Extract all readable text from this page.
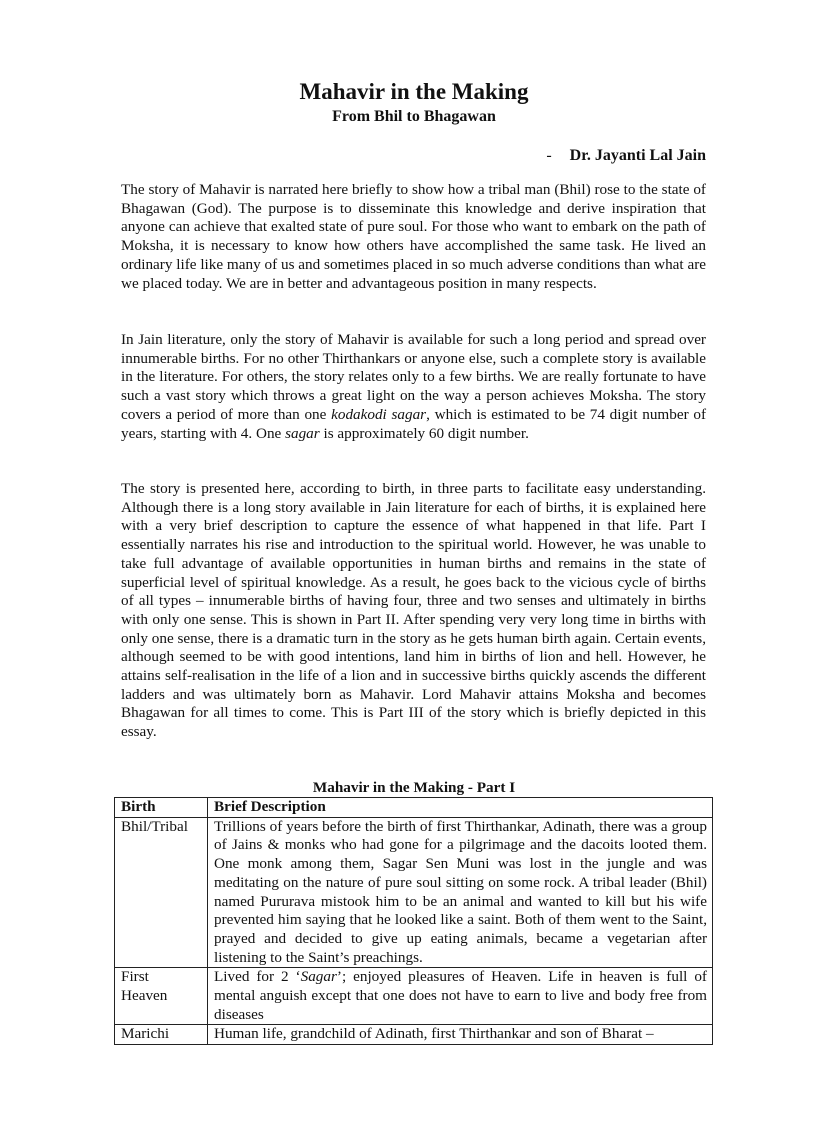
Mahavir in the Making
From Bhil to Bhagawan
- Dr. Jayanti Lal Jain

The story of Mahavir is narrated here briefly to show how a tribal man (Bhil) rose to the state of Bhagawan (God). The purpose is to disseminate this knowledge and derive inspiration that anyone can achieve that exalted state of pure soul. For those who want to embark on the path of Moksha, it is necessary to know how others have accomplished the same task. He lived an ordinary life like many of us and sometimes placed in so much adverse conditions than what are we placed today. We are in better and advantageous position in many respects.

In Jain literature, only the story of Mahavir is available for such a long period and spread over innumerable births. For no other Thirthankars or anyone else, such a complete story is available in the literature. For others, the story relates only to a few births. We are really fortunate to have such a vast story which throws a great light on the way a person achieves Moksha. The story covers a period of more than one kodakodi sagar, which is estimated to be 74 digit number of years, starting with 4. One sagar is approximately 60 digit number.

The story is presented here, according to birth, in three parts to facilitate easy understanding. Although there is a long story available in Jain literature for each of births, it is explained here with a very brief description to capture the essence of what happened in that life. Part I essentially narrates his rise and introduction to the spiritual world. However, he was unable to take full advantage of available opportunities in human births and remains in the state of superficial level of spiritual knowledge. As a result, he goes back to the vicious cycle of births of all types – innumerable births of having four, three and two senses and ultimately in births with only one sense. This is shown in Part II. After spending very very long time in births with only one sense, there is a dramatic turn in the story as he gets human birth again. Certain events, although seemed to be with good intentions, land him in births of lion and hell. However, he attains self-realisation in the life of a lion and in successive births quickly ascends the different ladders and was ultimately born as Mahavir. Lord Mahavir attains Moksha and becomes Bhagawan for all times to come. This is Part III of the story which is briefly depicted in this essay.

Mahavir in the Making - Part I
Birth	Brief Description
Bhil/Tribal	Trillions of years before the birth of first Thirthankar, Adinath, there was a group of Jains & monks who had gone for a pilgrimage and the dacoits looted them. One monk among them, Sagar Sen Muni was lost in the jungle and was meditating on the nature of pure soul sitting on some rock. A tribal leader (Bhil) named Pururava mistook him to be an animal and wanted to kill but his wife prevented him saying that he looked like a saint. Both of them went to the Saint, prayed and decided to give up eating animals, became a vegetarian after listening to the Saint’s preachings.
First Heaven	Lived for 2 ‘Sagar’; enjoyed pleasures of Heaven. Life in heaven is full of mental anguish except that one does not have to earn to live and body free from diseases
Marichi	Human life, grandchild of Adinath, first Thirthankar and son of Bharat –
